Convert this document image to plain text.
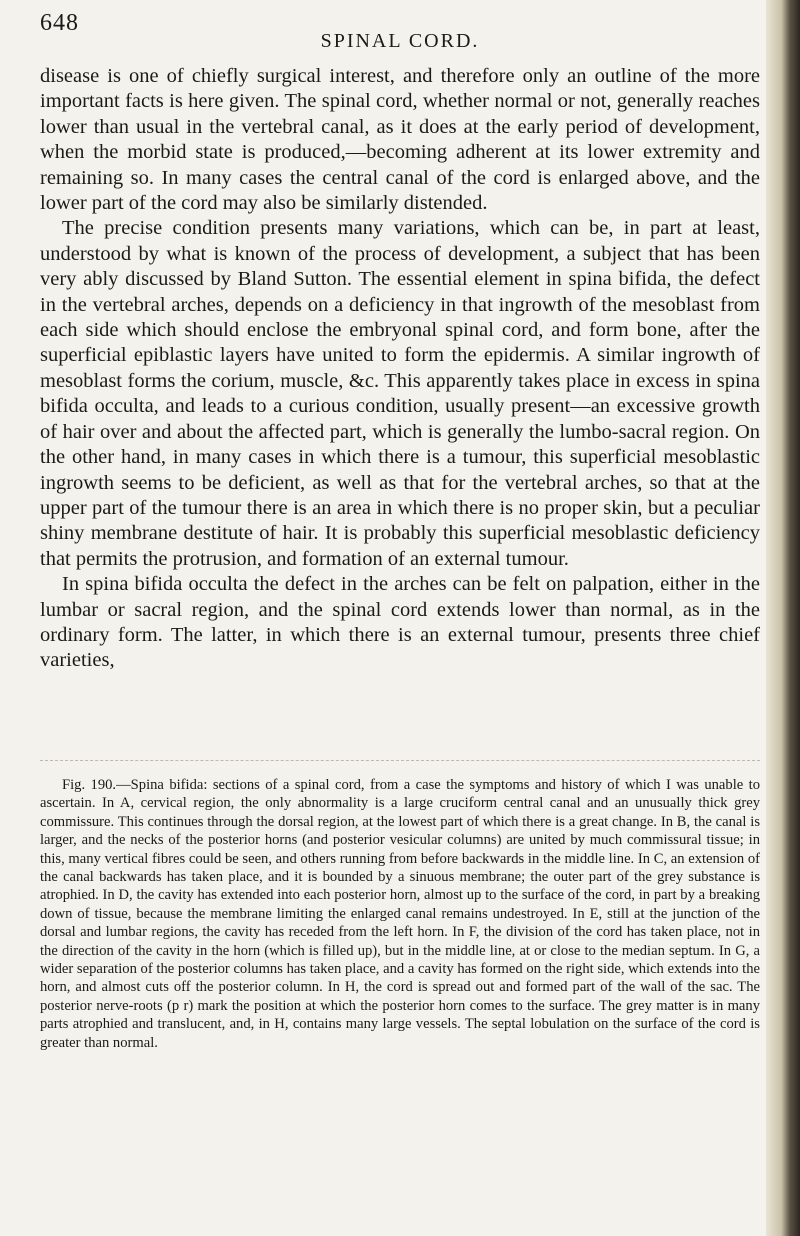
648
SPINAL CORD.

disease is one of chiefly surgical interest, and therefore only an outline of the more important facts is here given. The spinal cord, whether normal or not, generally reaches lower than usual in the vertebral canal, as it does at the early period of development, when the morbid state is produced,—becoming adherent at its lower extremity and remaining so. In many cases the central canal of the cord is enlarged above, and the lower part of the cord may also be similarly distended.

The precise condition presents many variations, which can be, in part at least, understood by what is known of the process of development, a subject that has been very ably discussed by Bland Sutton. The essential element in spina bifida, the defect in the vertebral arches, depends on a deficiency in that ingrowth of the mesoblast from each side which should enclose the embryonal spinal cord, and form bone, after the superficial epiblastic layers have united to form the epidermis. A similar ingrowth of mesoblast forms the corium, muscle, &c. This apparently takes place in excess in spina bifida occulta, and leads to a curious condition, usually present—an excessive growth of hair over and about the affected part, which is generally the lumbo-sacral region. On the other hand, in many cases in which there is a tumour, this superficial mesoblastic ingrowth seems to be deficient, as well as that for the vertebral arches, so that at the upper part of the tumour there is an area in which there is no proper skin, but a peculiar shiny membrane destitute of hair. It is probably this superficial mesoblastic deficiency that permits the protrusion, and formation of an external tumour.

In spina bifida occulta the defect in the arches can be felt on palpation, either in the lumbar or sacral region, and the spinal cord extends lower than normal, as in the ordinary form. The latter, in which there is an external tumour, presents three chief varieties,

Fig. 190.—Spina bifida: sections of a spinal cord, from a case the symptoms and history of which I was unable to ascertain. In A, cervical region, the only abnormality is a large cruciform central canal and an unusually thick grey commissure. This continues through the dorsal region, at the lowest part of which there is a great change. In B, the canal is larger, and the necks of the posterior horns (and posterior vesicular columns) are united by much commissural tissue; in this, many vertical fibres could be seen, and others running from before backwards in the middle line. In C, an extension of the canal backwards has taken place, and it is bounded by a sinuous membrane; the outer part of the grey substance is atrophied. In D, the cavity has extended into each posterior horn, almost up to the surface of the cord, in part by a breaking down of tissue, because the membrane limiting the enlarged canal remains undestroyed. In E, still at the junction of the dorsal and lumbar regions, the cavity has receded from the left horn. In F, the division of the cord has taken place, not in the direction of the cavity in the horn (which is filled up), but in the middle line, at or close to the median septum. In G, a wider separation of the posterior columns has taken place, and a cavity has formed on the right side, which extends into the horn, and almost cuts off the posterior column. In H, the cord is spread out and formed part of the wall of the sac. The posterior nerve-roots (p r) mark the position at which the posterior horn comes to the surface. The grey matter is in many parts atrophied and translucent, and, in H, contains many large vessels. The septal lobulation on the surface of the cord is greater than normal.
